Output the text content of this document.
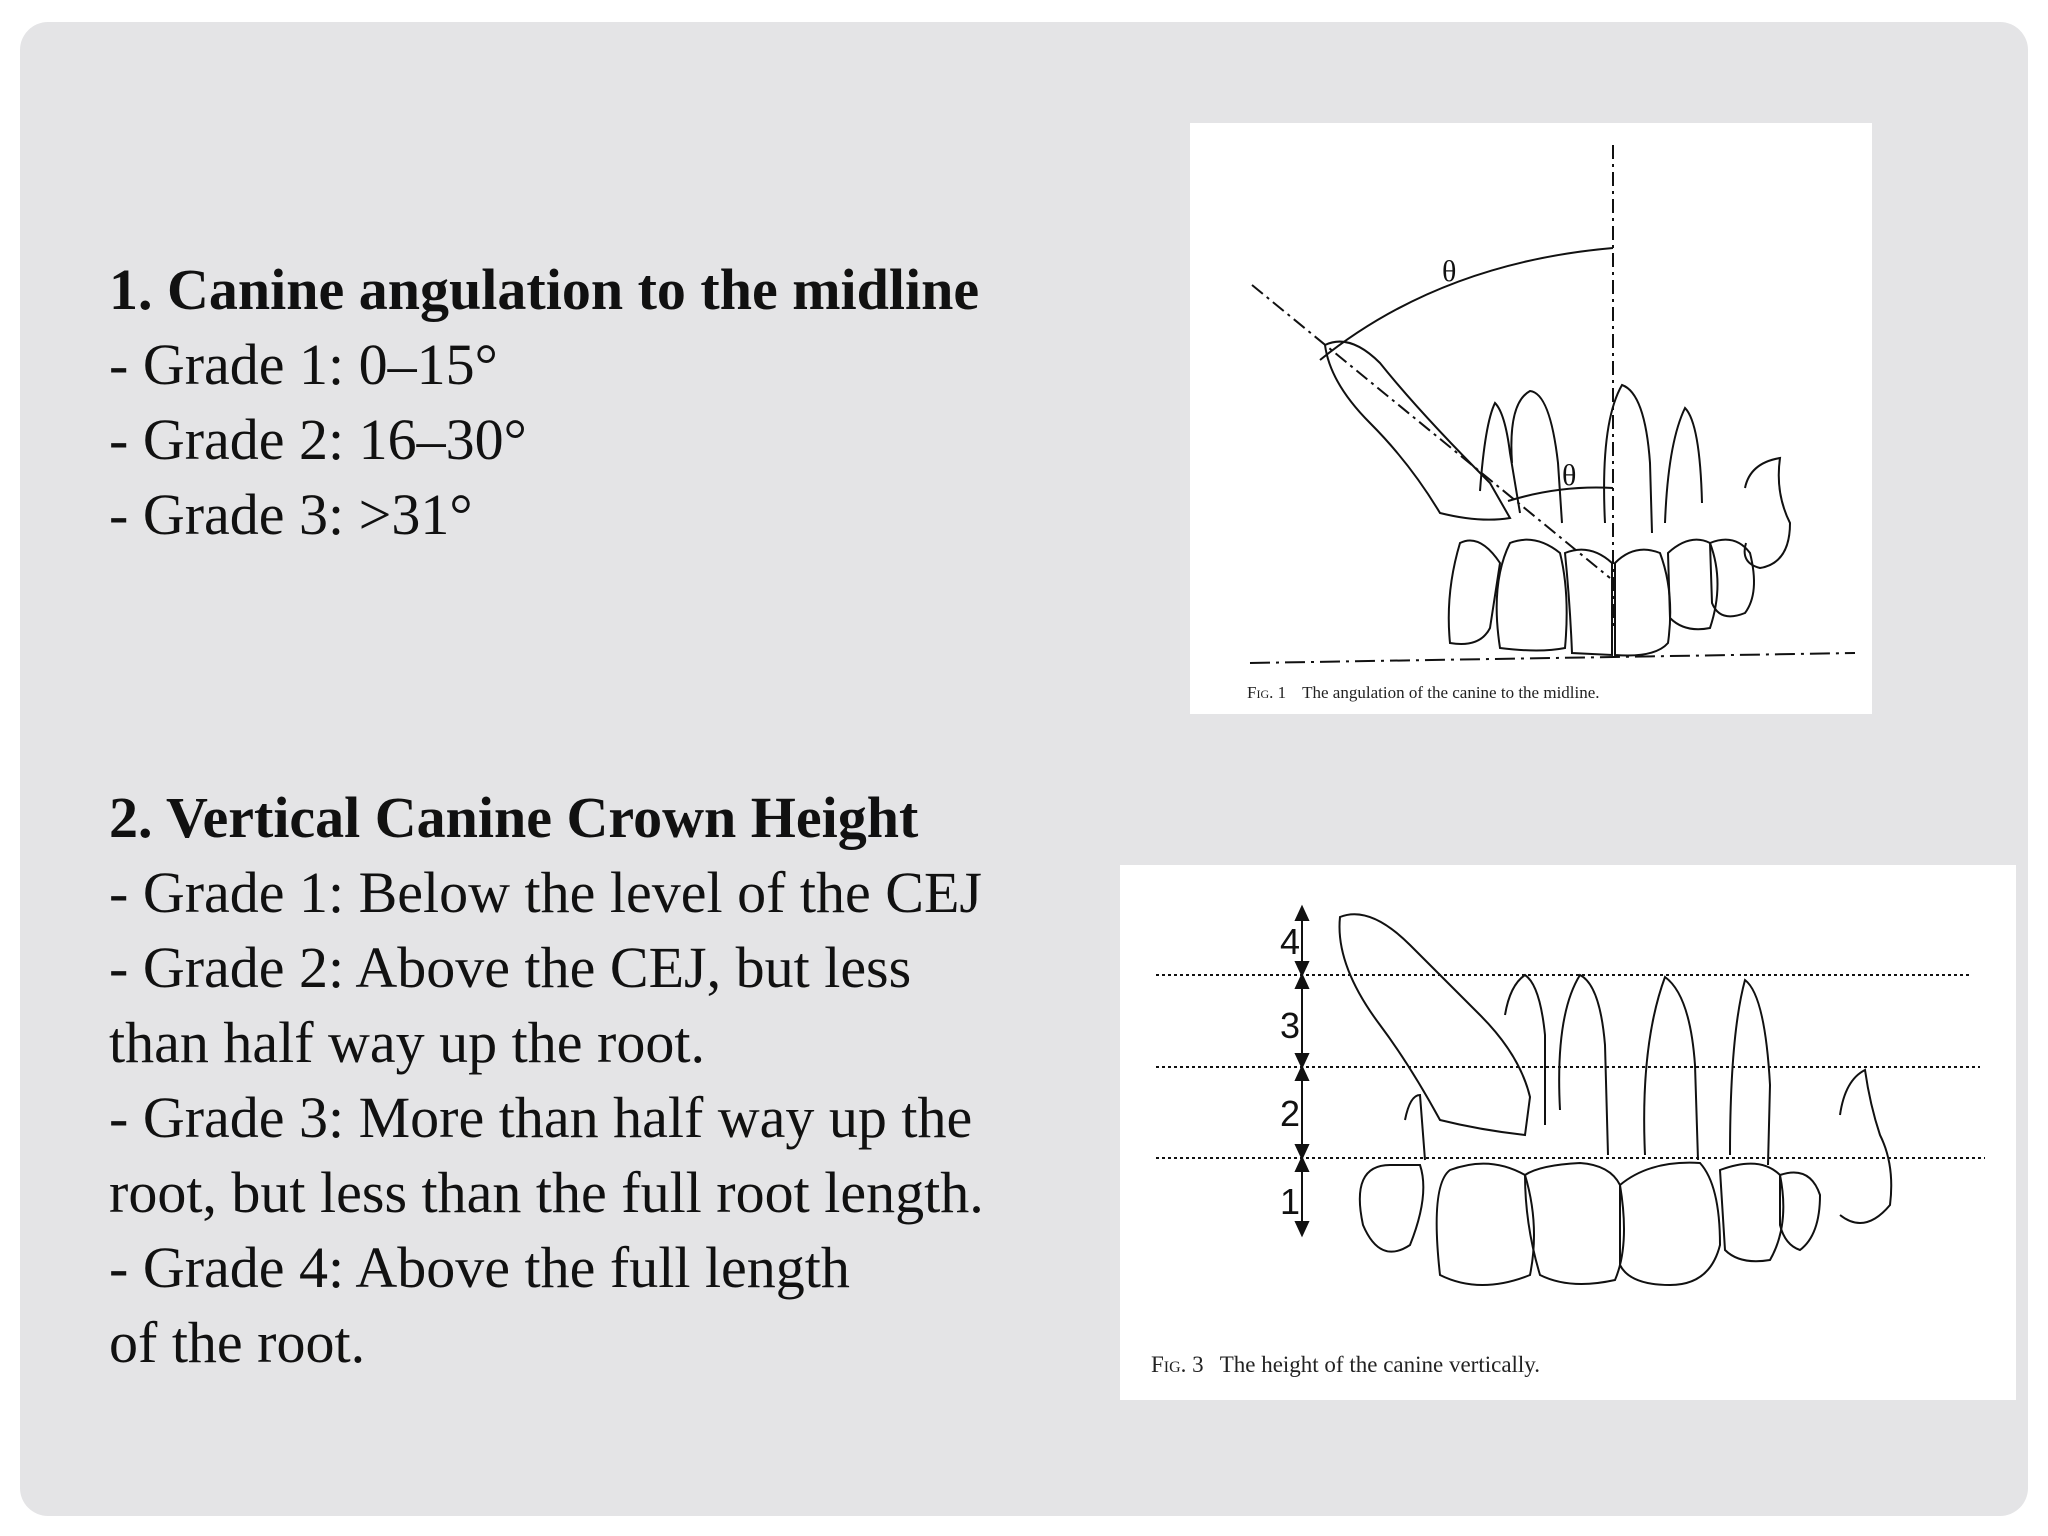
1. Canine angulation to the midline
- Grade 1: 0–15°
- Grade 2: 16–30°
- Grade 3: >31°
2. Vertical Canine Crown Height
- Grade 1: Below the level of the CEJ
- Grade 2: Above the CEJ, but less
than half way up the root.
- Grade 3: More than half way up the
root, but less than the full root length.
- Grade 4: Above the full length
of the root.
θ
θ
Fig. 1 The angulation of the canine to the midline.
4
3
2
1
Fig. 3 The height of the canine vertically.
